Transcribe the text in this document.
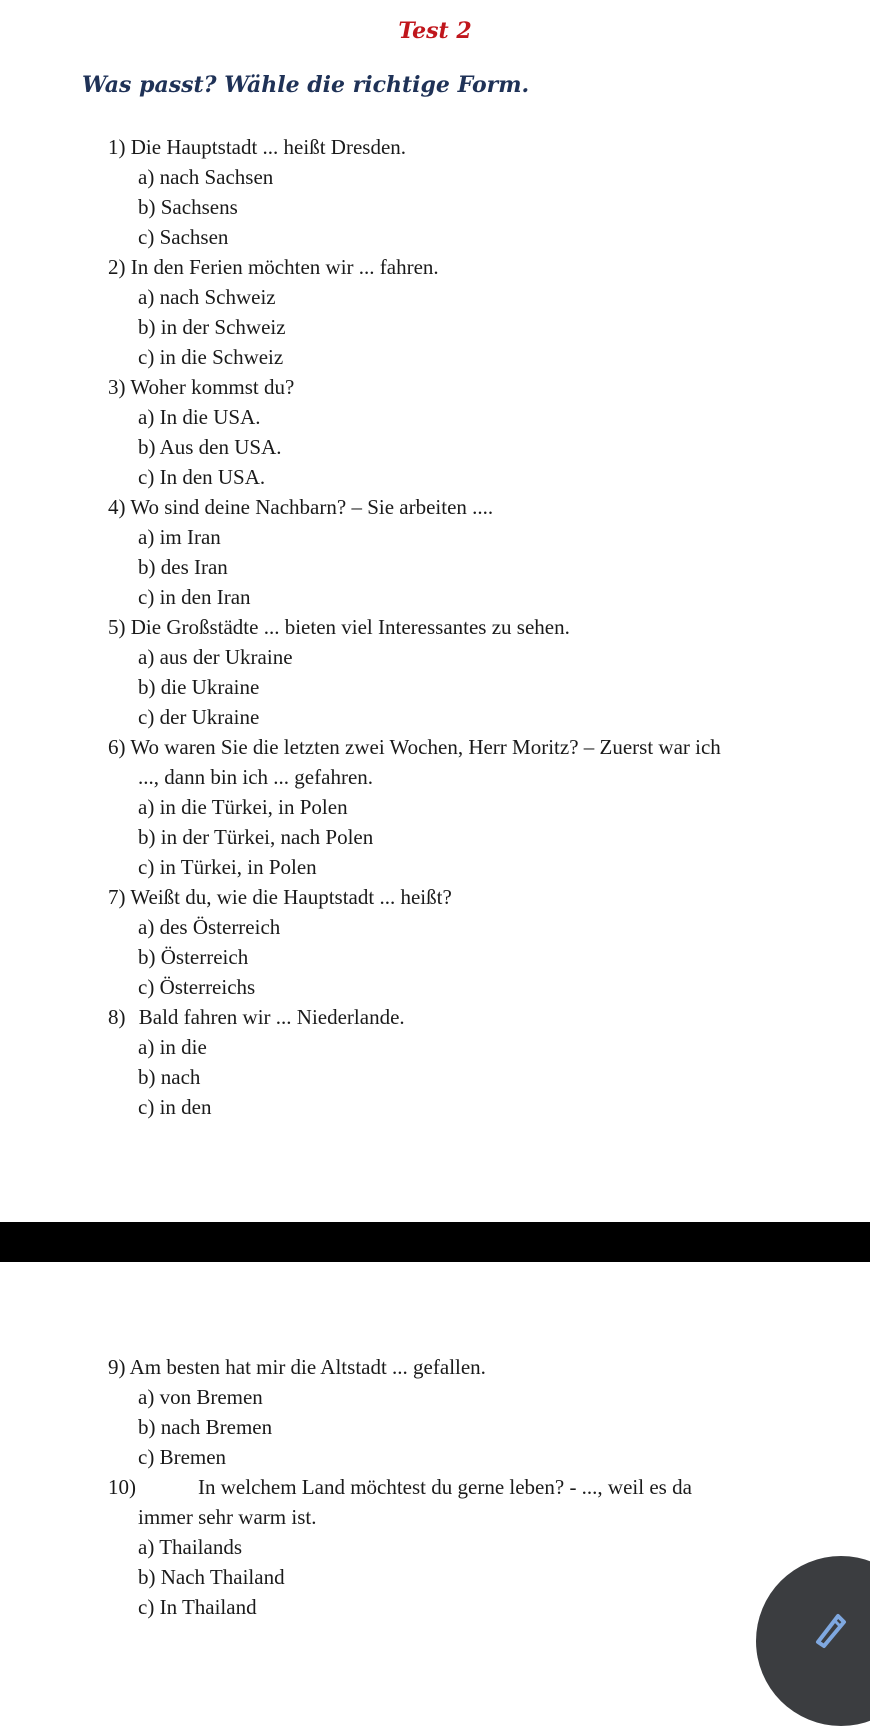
Test 2
Was passt? Wähle die richtige Form.
1) Die Hauptstadt ... heißt Dresden.
a) nach Sachsen
b) Sachsens
c) Sachsen
2) In den Ferien möchten wir ... fahren.
a) nach Schweiz
b) in der Schweiz
c) in die Schweiz
3) Woher kommst du?
a) In die USA.
b) Aus den USA.
c) In den USA.
4) Wo sind deine Nachbarn? – Sie arbeiten ....
a) im Iran
b) des Iran
c) in den Iran
5) Die Großstädte ... bieten viel Interessantes zu sehen.
a) aus der Ukraine
b) die Ukraine
c) der Ukraine
6) Wo waren Sie die letzten zwei Wochen, Herr Moritz? – Zuerst war ich
..., dann bin ich ... gefahren.
a) in die Türkei, in Polen
b) in der Türkei, nach Polen
c) in Türkei, in Polen
7) Weißt du, wie die Hauptstadt ... heißt?
a) des Österreich
b) Österreich
c) Österreichs
8) Bald fahren wir ... Niederlande.
a) in die
b) nach
c) in den
9) Am besten hat mir die Altstadt ... gefallen.
a) von Bremen
b) nach Bremen
c) Bremen
10)	In welchem Land möchtest du gerne leben? - ..., weil es da
immer sehr warm ist.
a) Thailands
b) Nach Thailand
c) In Thailand
